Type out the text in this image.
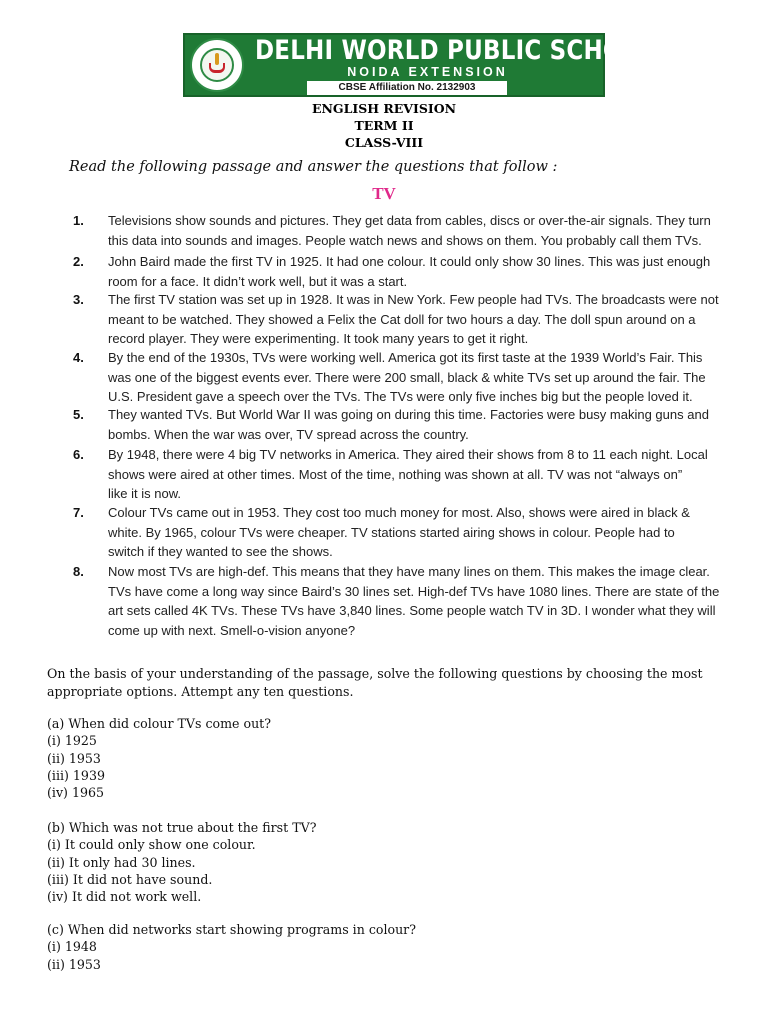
DELHI WORLD PUBLIC SCHOOL
NOIDA EXTENSION
CBSE Affiliation No. 2132903
ENGLISH REVISION
TERM II
CLASS-VIII
Read the following passage and answer the questions that follow :
TV
1. Televisions show sounds and pictures. They get data from cables, discs or over-the-air signals. They turn
this data into sounds and images. People watch news and shows on them. You probably call them TVs.
2. John Baird made the first TV in 1925. It had one colour. It could only show 30 lines. This was just enough
room for a face. It didn’t work well, but it was a start.
3. The first TV station was set up in 1928. It was in New York. Few people had TVs. The broadcasts were not
meant to be watched. They showed a Felix the Cat doll for two hours a day. The doll spun around on a
record player. They were experimenting. It took many years to get it right.
4. By the end of the 1930s, TVs were working well. America got its first taste at the 1939 World’s Fair. This
was one of the biggest events ever. There were 200 small, black & white TVs set up around the fair. The
U.S. President gave a speech over the TVs. The TVs were only five inches big but the people loved it.
5. They wanted TVs. But World War II was going on during this time. Factories were busy making guns and
bombs. When the war was over, TV spread across the country.
6. By 1948, there were 4 big TV networks in America. They aired their shows from 8 to 11 each night. Local
shows were aired at other times. Most of the time, nothing was shown at all. TV was not “always on”
like it is now.
7. Colour TVs came out in 1953. They cost too much money for most. Also, shows were aired in black &
white. By 1965, colour TVs were cheaper. TV stations started airing shows in colour. People had to
switch if they wanted to see the shows.
8. Now most TVs are high-def. This means that they have many lines on them. This makes the image clear.
TVs have come a long way since Baird’s 30 lines set. High-def TVs have 1080 lines. There are state of the
art sets called 4K TVs. These TVs have 3,840 lines. Some people watch TV in 3D. I wonder what they will
come up with next. Smell-o-vision anyone?
On the basis of your understanding of the passage, solve the following questions by choosing the most
appropriate options. Attempt any ten questions.
(a) When did colour TVs come out?
(i) 1925
(ii) 1953
(iii) 1939
(iv) 1965
(b) Which was not true about the first TV?
(i) It could only show one colour.
(ii) It only had 30 lines.
(iii) It did not have sound.
(iv) It did not work well.
(c) When did networks start showing programs in colour?
(i) 1948
(ii) 1953
